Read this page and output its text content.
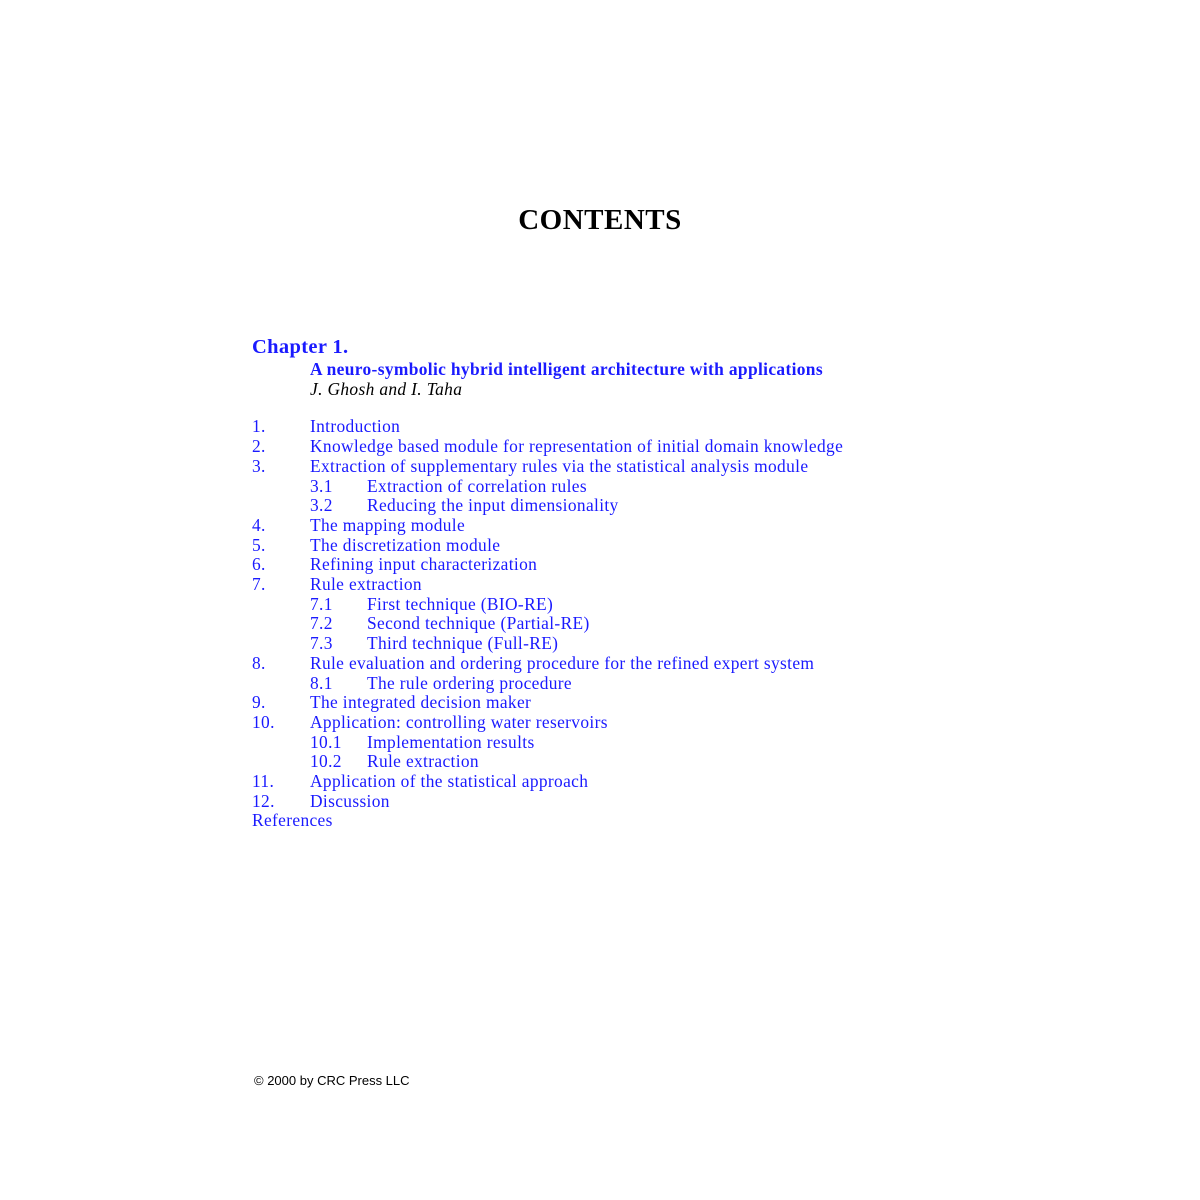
CONTENTS
Chapter 1.
A neuro-symbolic hybrid intelligent architecture with applications
J. Ghosh and I. Taha
1.	Introduction
2.	Knowledge based module for representation of initial domain knowledge
3.	Extraction of supplementary rules via the statistical analysis module
3.1	Extraction of correlation rules
3.2	Reducing the input dimensionality
4.	The mapping module
5.	The discretization module
6.	Refining input characterization
7.	Rule extraction
7.1	First technique (BIO-RE)
7.2	Second technique (Partial-RE)
7.3	Third technique (Full-RE)
8.	Rule evaluation and ordering procedure for the refined expert system
8.1	The rule ordering procedure
9.	The integrated decision maker
10.	Application: controlling water reservoirs
10.1	Implementation results
10.2	Rule extraction
11.	Application of the statistical approach
12.	Discussion
References
© 2000 by CRC Press LLC
